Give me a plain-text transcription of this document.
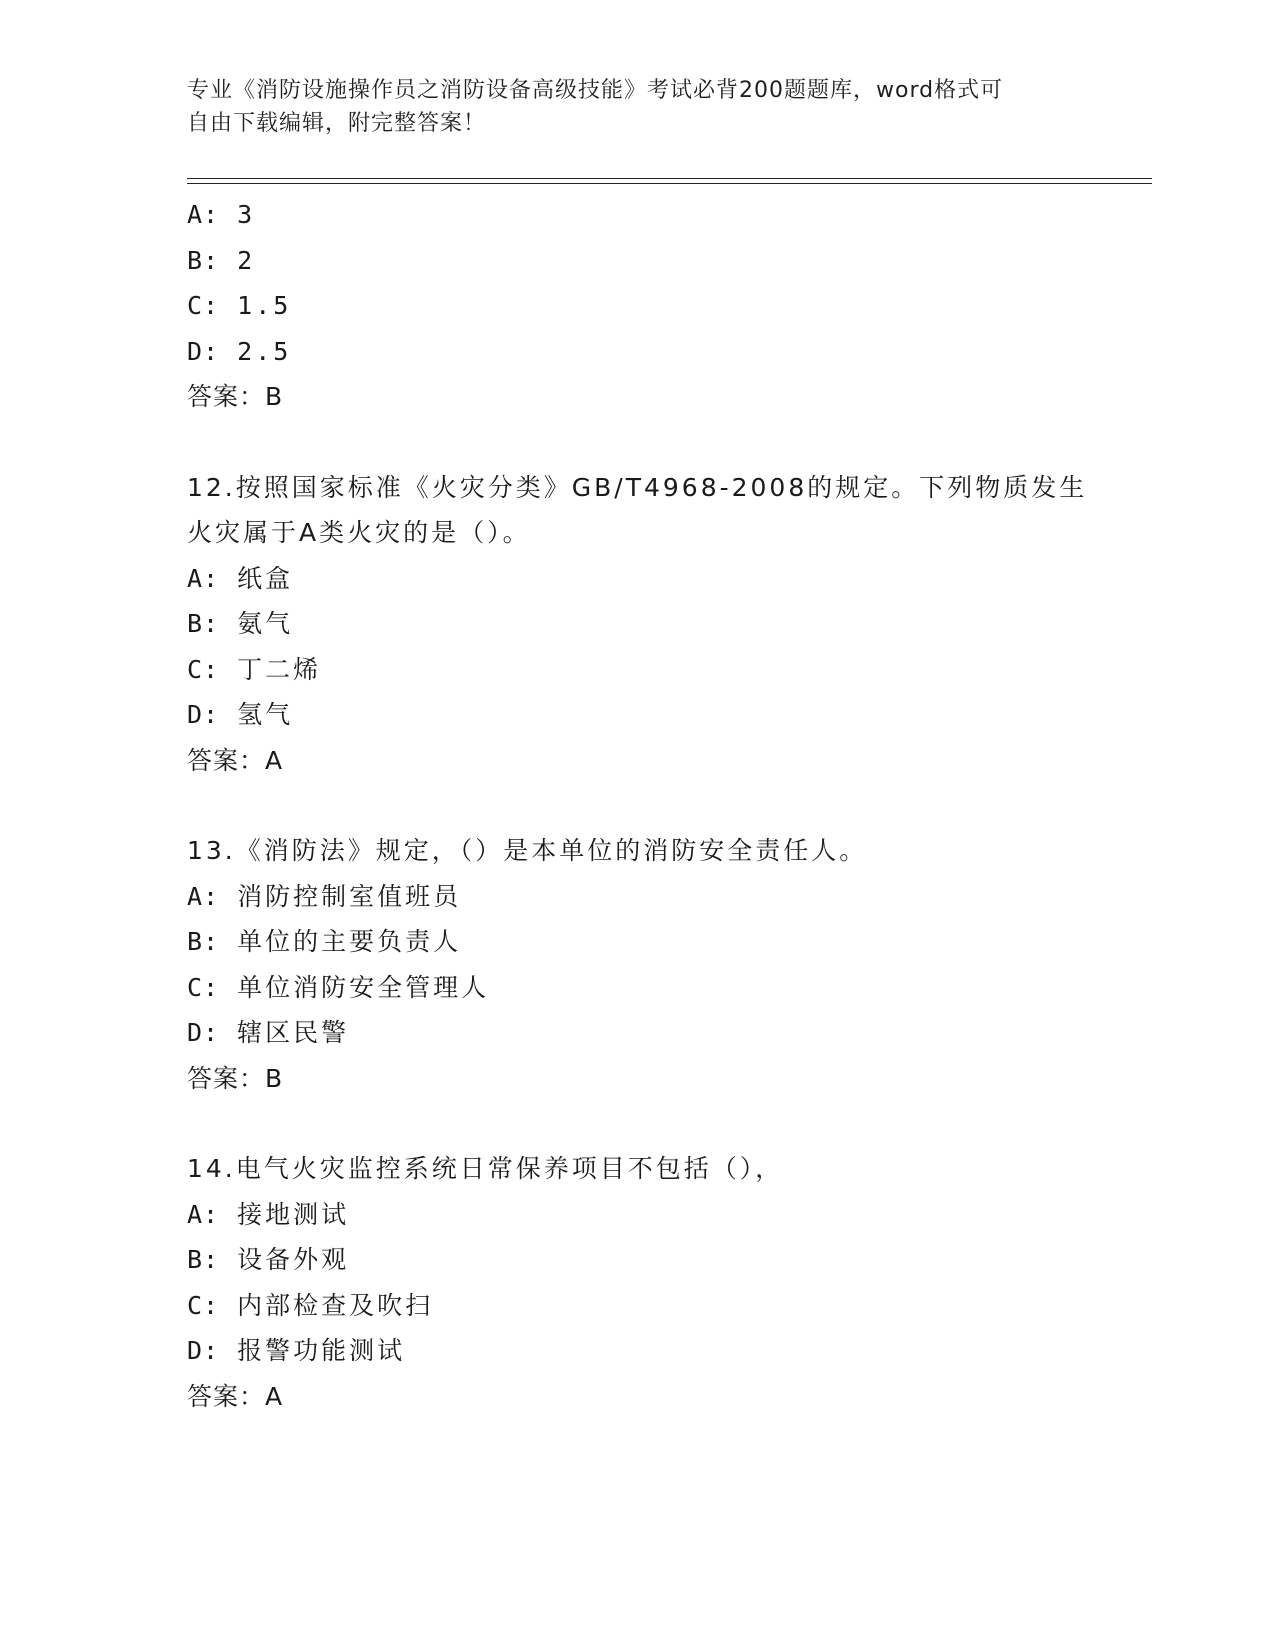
专业《消防设施操作员之消防设备高级技能》考试必背200题题库，word格式可
自由下载编辑，附完整答案！
A: 3
B: 2
C: 1.5
D: 2.5
答案：B
12.按照国家标准《火灾分类》GB/T4968-2008的规定。下列物质发生
火灾属于A类火灾的是（）。
A: 纸盒
B: 氨气
C: 丁二烯
D: 氢气
答案：A
13.《消防法》规定，（）是本单位的消防安全责任人。
A: 消防控制室值班员
B: 单位的主要负责人
C: 单位消防安全管理人
D: 辖区民警
答案：B
14.电气火灾监控系统日常保养项目不包括（），
A: 接地测试
B: 设备外观
C: 内部检查及吹扫
D: 报警功能测试
答案：A
